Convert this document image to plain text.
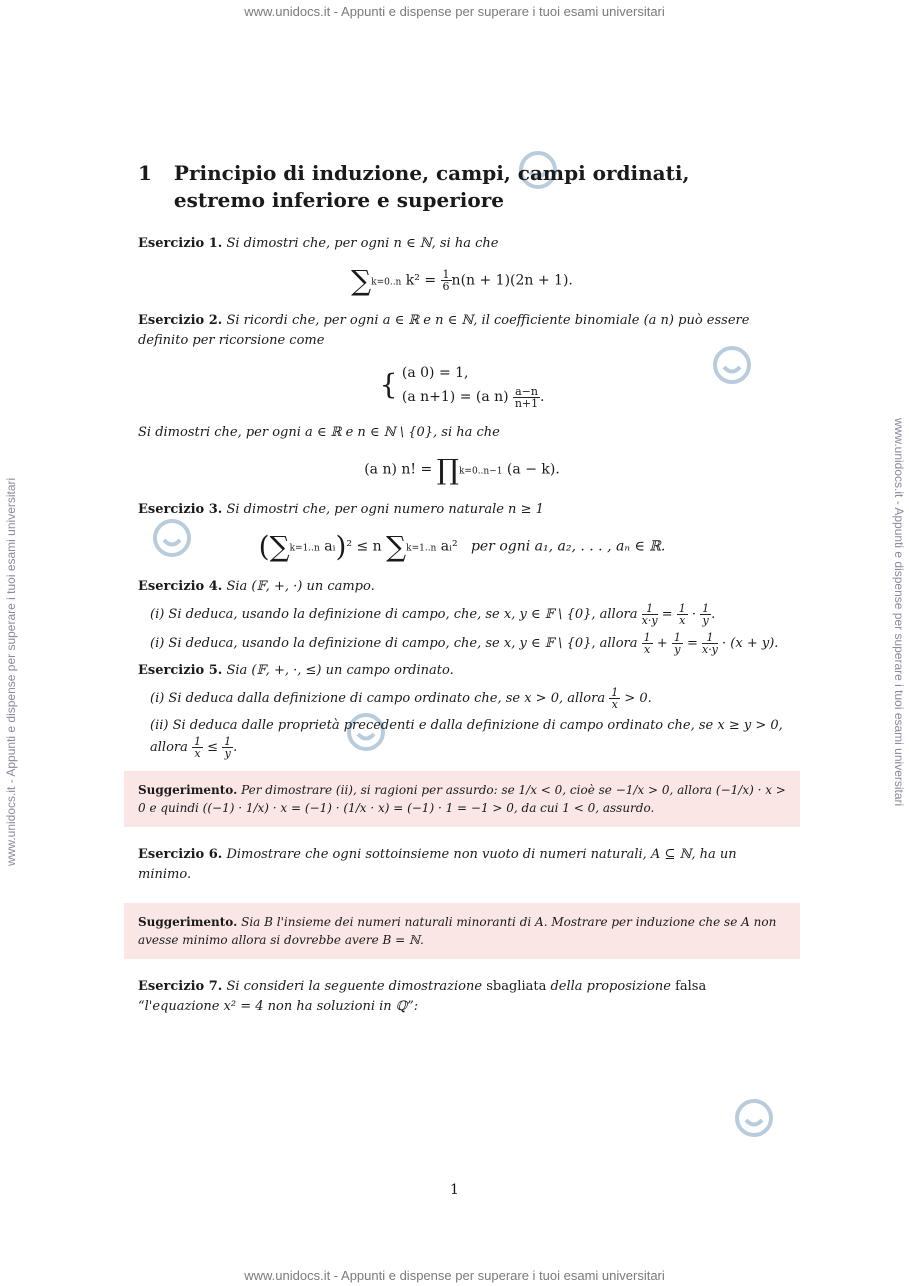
www.unidocs.it - Appunti e dispense per superare i tuoi esami universitari
www.unidocs.it - Appunti e dispense per superare i tuoi esami universitari
www.unidocs.it - Appunti e dispense per superare i tuoi esami universitari	www.unidocs.it - Appunti e dispense per superare i tuoi esami universitari
1 Principio di induzione, campi, campi ordinati, estremo inferiore e superiore

Esercizio 1. Si dimostri che, per ogni n ∈ ℕ, si ha che

∑k=0..n $k^2 = \frac{1}{6} n(n + 1)(2n + 1)$.

Esercizio 2. Si ricordi che, per ogni a ∈ ℝ e n ∈ ℕ, il coefficiente binomiale (a n) può essere definito per ricorsione come

{ (a 0) = 1,
(a n+1) = (a $n) \frac{a-n}{n+1}$ .

Si dimostri che, per ogni a ∈ ℝ e n ∈ ℕ \ {0}, si ha che

(a n) n! = ∏k=0..n−1 (a − k).

Esercizio 3. Si dimostri che, per ogni numero naturale n ≥ 1

(∑k=1..n aᵢ)² ≤ n ∑k=1..n aᵢ²   per ogni a₁, a₂, . . . , aₙ ∈ ℝ.

Esercizio 4. Sia (𝔽, +, ·) un campo.

(i) Si deduca, usando la definizione di campo, che, se x, y ∈ 𝔽 \ {0}, allora $\frac{1}{x\cdot y} = \frac{1}{x} \cdot \frac{1}{y}$ .
(i) Si deduca, usando la definizione di campo, che, se x, y ∈ 𝔽 \ {0}, allora $\frac{1}{x} + \frac{1}{y} = \frac{1}{x\cdot y} \cdot (x + y)$.

Esercizio 5. Sia (𝔽, +, ·, ≤) un campo ordinato.

(i) Si deduca dalla definizione di campo ordinato che, se x > 0, allora $\frac{1}{x} > 0$.
(ii) Si deduca dalle proprietà precedenti e dalla definizione di campo ordinato che, se x ≥ y > 0, allora $\frac{1}{x} \le \frac{1}{y}$ .
Suggerimento. Per dimostrare (ii), si ragioni per assurdo: se 1/x < 0, cioè se −1/x > 0, allora (−1/x) · x > 0 e quindi ((−1) · 1/x) · x = (−1) · (1/x · x) = (−1) · 1 = −1 > 0, da cui 1 < 0, assurdo.

Esercizio 6. Dimostrare che ogni sottoinsieme non vuoto di numeri naturali, A ⊆ ℕ, ha un minimo.

Suggerimento. Sia B l'insieme dei numeri naturali minoranti di A. Mostrare per induzione che se A non avesse minimo allora si dovrebbe avere B = ℕ.

Esercizio 7. Si consideri la seguente dimostrazione sbagliata della proposizione falsa “l'equazione x² = 4 non ha soluzioni in ℚ”:

1
